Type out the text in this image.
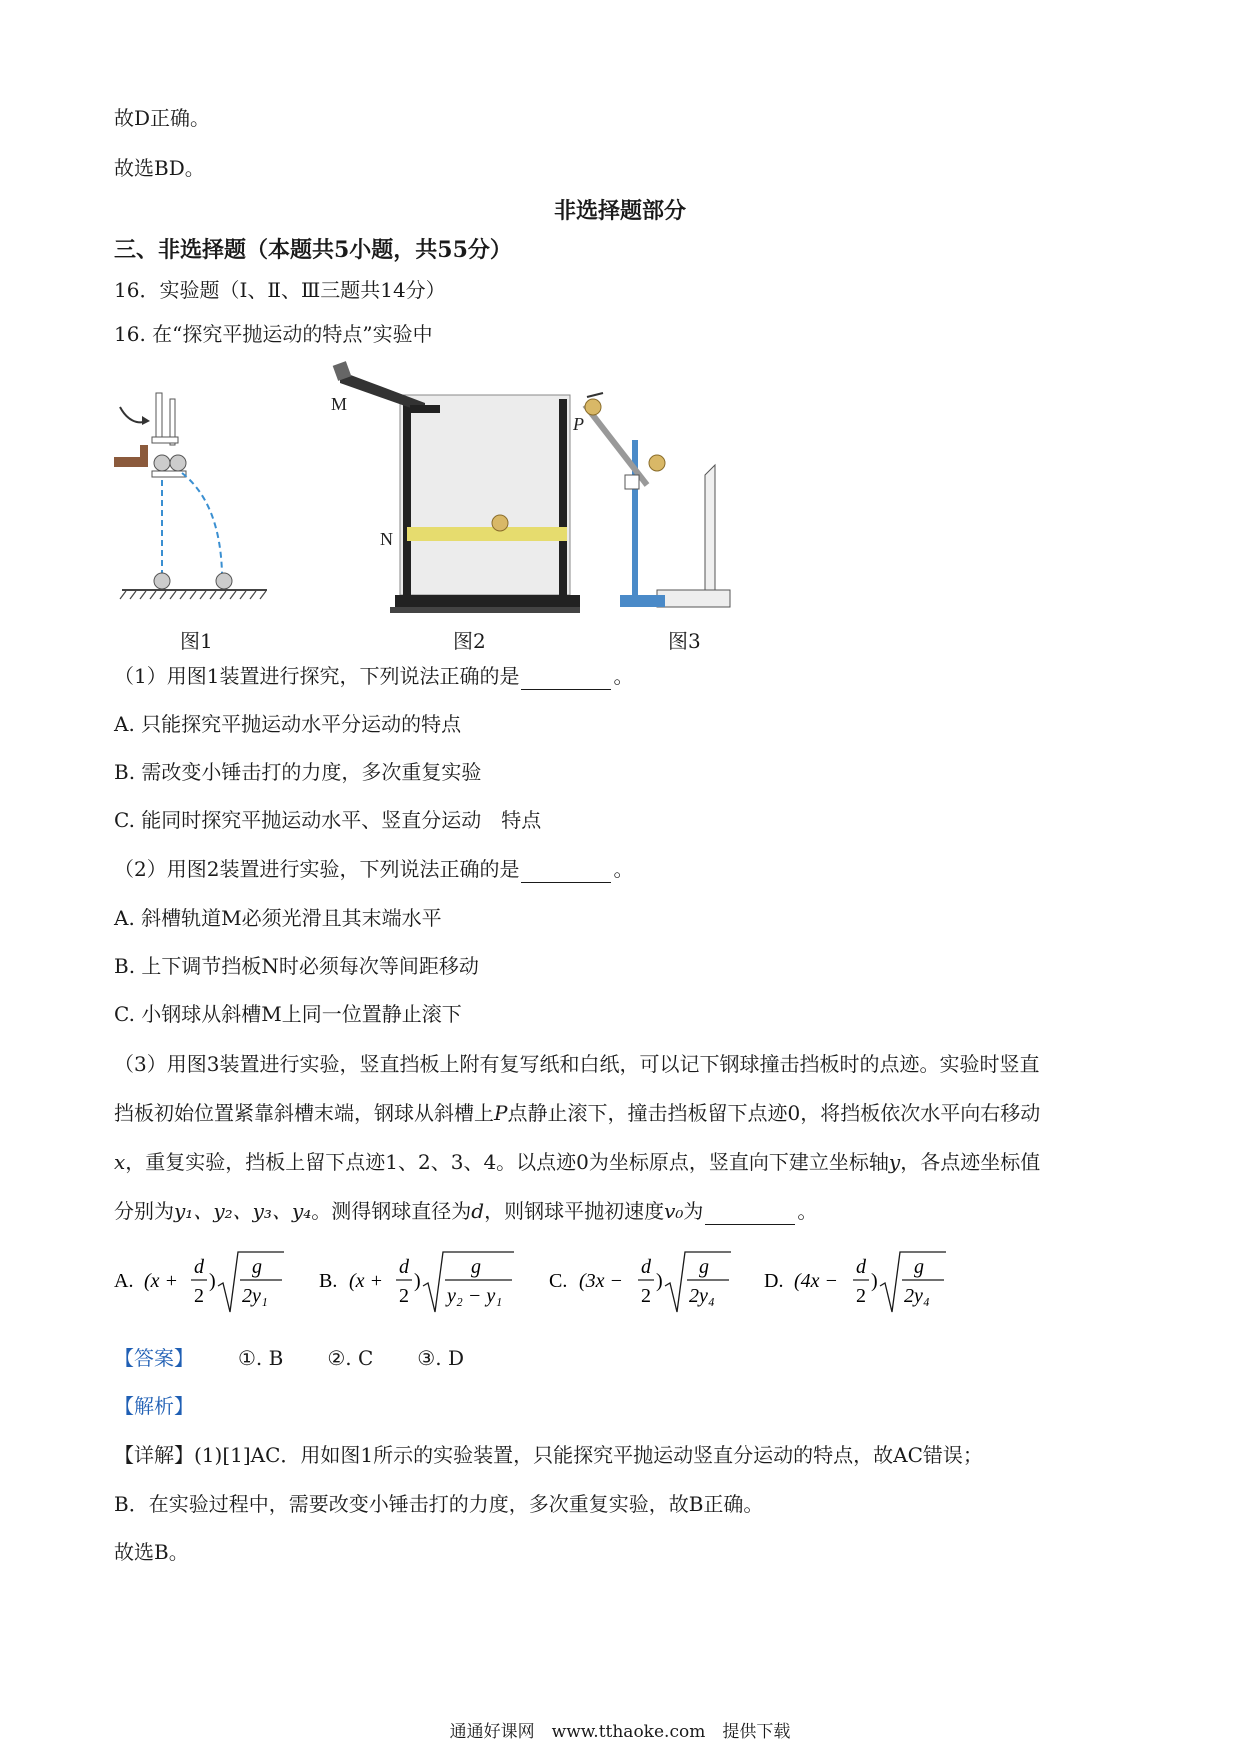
故D正确。
故选BD。
非选择题部分
三、非选择题（本题共5小题，共55分）
16．实验题（Ⅰ、Ⅱ、Ⅲ三题共14分）
16. 在“探究平抛运动的特点”实验中
图1
M
N
图2
P
图3
（1）用图1装置进行探究，下列说法正确的是	。
A. 只能探究平抛运动水平分运动的特点
B. 需改变小锤击打的力度，多次重复实验
C. 能同时探究平抛运动水平、竖直分运动　特点
（2）用图2装置进行实验，下列说法正确的是	。
A. 斜槽轨道M必须光滑且其末端水平
B. 上下调节挡板N时必须每次等间距移动
C. 小钢球从斜槽M上同一位置静止滚下
（3）用图3装置进行实验，竖直挡板上附有复写纸和白纸，可以记下钢球撞击挡板时的点迹。实验时竖直
挡板初始位置紧靠斜槽末端，钢球从斜槽上P点静止滚下，撞击挡板留下点迹0，将挡板依次水平向右移动
x，重复实验，挡板上留下点迹1、2、3、4。以点迹0为坐标原点，竖直向下建立坐标轴y，各点迹坐标值
分别为y₁、y₂、y₃、y₄。测得钢球直径为d，则钢球平抛初速度v₀为	。
A. (x +
d
2
)
g
2y₁
B. (x +
d
2
)
g
y₂ − y₁
C. (3x −
d
2
)
g
2y₄
D. (4x −
d
2
)
g
2y₄
【答案】 ①. B ②. C ③. D
【解析】
【详解】(1)[1]AC．用如图1所示的实验装置，只能探究平抛运动竖直分运动的特点，故AC错误；
B．在实验过程中，需要改变小锤击打的力度，多次重复实验，故B正确。
故选B。
通通好课网　www.tthaoke.com　提供下载
